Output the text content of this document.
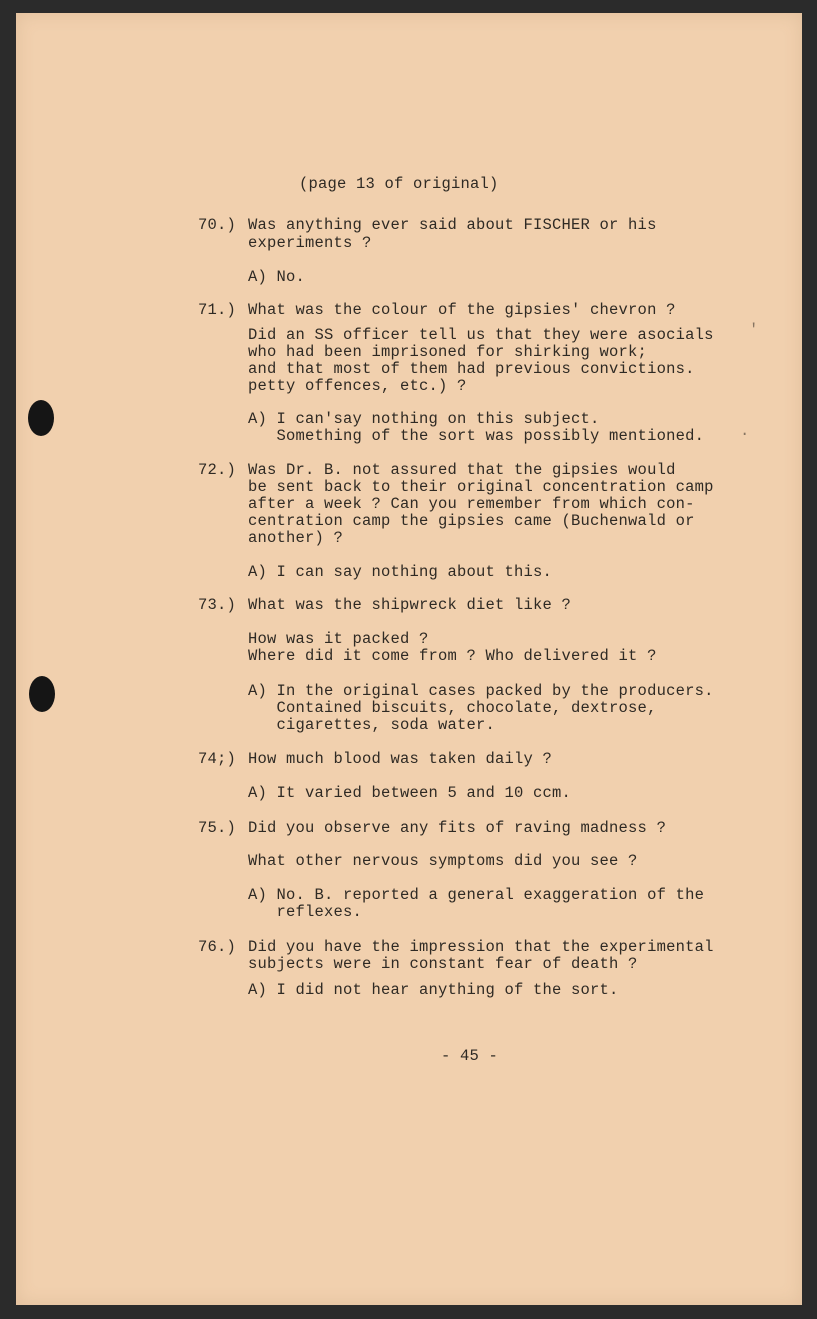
(page 13 of original)
70.) Was anything ever said about FISCHER or his
experiments ?
A) No.
71.) What was the colour of the gipsies' chevron ?
Did an SS officer tell us that they were asocials
who had been imprisoned for shirking work;
and that most of them had previous convictions.
petty offences, etc.) ?
A) I can'say nothing on this subject.
Something of the sort was possibly mentioned.
'
·
72.) Was Dr. B. not assured that the gipsies would
be sent back to their original concentration camp
after a week ? Can you remember from which con-
centration camp the gipsies came (Buchenwald or
another) ?
A) I can say nothing about this.
73.) What was the shipwreck diet like ?
How was it packed ?
Where did it come from ? Who delivered it ?
A) In the original cases packed by the producers.
Contained biscuits, chocolate, dextrose,
cigarettes, soda water.
74;) How much blood was taken daily ?
A) It varied between 5 and 10 ccm.
75.) Did you observe any fits of raving madness ?
What other nervous symptoms did you see ?
A) No. B. reported a general exaggeration of the
reflexes.
76.) Did you have the impression that the experimental
subjects were in constant fear of death ?
A) I did not hear anything of the sort.
- 45 -
